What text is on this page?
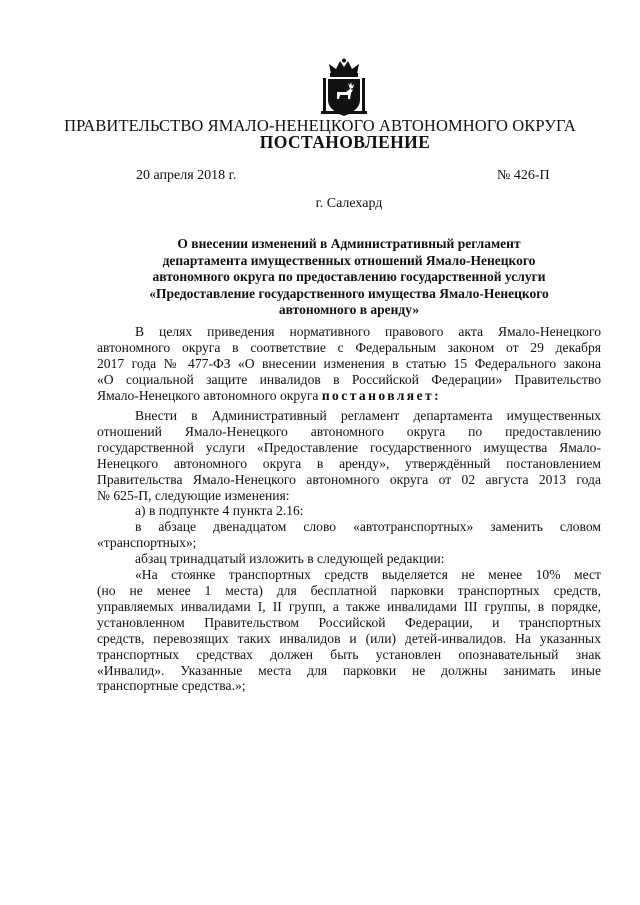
ПРАВИТЕЛЬСТВО ЯМАЛО-НЕНЕЦКОГО АВТОНОМНОГО ОКРУГА
ПОСТАНОВЛЕНИЕ
20 апреля 2018 г.	№ 426-П
г. Салехард
О внесении изменений в Административный регламент
департамента имущественных отношений Ямало-Ненецкого
автономного округа по предоставлению государственной услуги
«Предоставление государственного имущества Ямало-Ненецкого
автономного в аренду»
В целях приведения нормативного правового акта Ямало-Ненецкого
автономного округа в соответствие с Федеральным законом от 29 декабря
2017 года № 477-ФЗ «О внесении изменения в статью 15 Федерального закона
«О социальной защите инвалидов в Российской Федерации» Правительство
Ямало-Ненецкого автономного округа постановляет:
Внести в Административный регламент департамента имущественных
отношений Ямало-Ненецкого автономного округа по предоставлению
государственной услуги «Предоставление государственного имущества Ямало-
Ненецкого автономного округа в аренду», утверждённый постановлением
Правительства Ямало-Ненецкого автономного округа от 02 августа 2013 года
№ 625-П, следующие изменения:
а) в подпункте 4 пункта 2.16:
в абзаце двенадцатом слово «автотранспортных» заменить словом
«транспортных»;
абзац тринадцатый изложить в следующей редакции:
«На стоянке транспортных средств выделяется не менее 10% мест
(но не менее 1 места) для бесплатной парковки транспортных средств,
управляемых инвалидами I, II групп, а также инвалидами III группы, в порядке,
установленном Правительством Российской Федерации, и транспортных
средств, перевозящих таких инвалидов и (или) детей-инвалидов. На указанных
транспортных средствах должен быть установлен опознавательный знак
«Инвалид». Указанные места для парковки не должны занимать иные
транспортные средства.»;
